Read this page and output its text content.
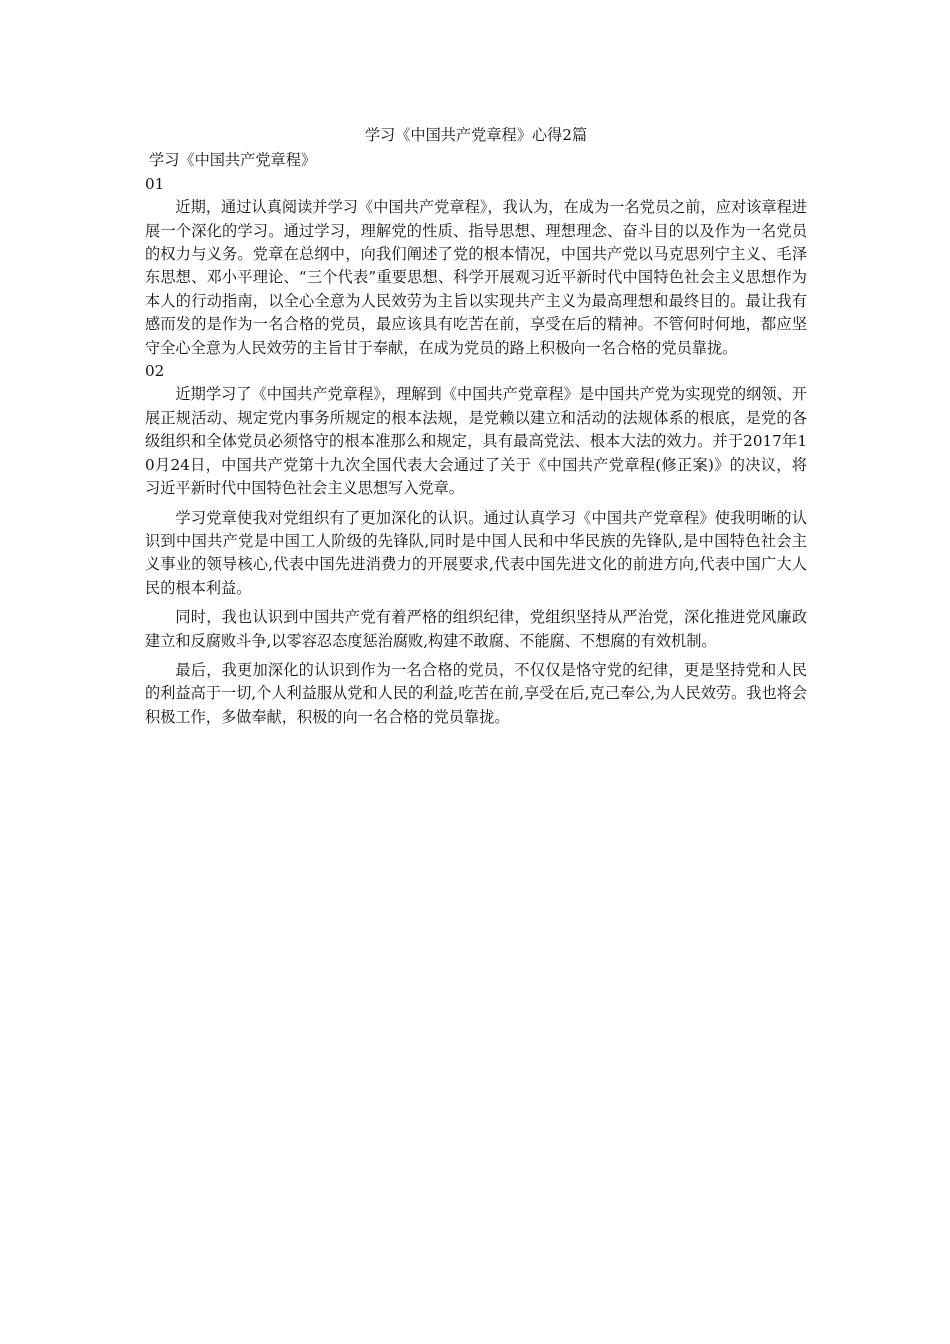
学习《中国共产党章程》心得2篇

学习《中国共产党章程》

01

近期，通过认真阅读并学习《中国共产党章程》，我认为，在成为一名党员之前，应对该章程进展一个深化的学习。通过学习，理解党的性质、指导思想、理想理念、奋斗目的以及作为一名党员的权力与义务。党章在总纲中，向我们阐述了党的根本情况，中国共产党以马克思列宁主义、毛泽东思想、邓小平理论、“三个代表”重要思想、科学开展观习近平新时代中国特色社会主义思想作为本人的行动指南，以全心全意为人民效劳为主旨以实现共产主义为最高理想和最终目的。最让我有感而发的是作为一名合格的党员，最应该具有吃苦在前，享受在后的精神。不管何时何地，都应坚守全心全意为人民效劳的主旨甘于奉献，在成为党员的路上积极向一名合格的党员靠拢。

02

近期学习了《中国共产党章程》，理解到《中国共产党章程》是中国共产党为实现党的纲领、开展正规活动、规定党内事务所规定的根本法规，是党赖以建立和活动的法规体系的根底，是党的各级组织和全体党员必须恪守的根本准那么和规定，具有最高党法、根本大法的效力。并于2017年10月24日，中国共产党第十九次全国代表大会通过了关于《中国共产党章程(修正案)》的决议，将习近平新时代中国特色社会主义思想写入党章。

学习党章使我对党组织有了更加深化的认识。通过认真学习《中国共产党章程》使我明晰的认识到中国共产党是中国工人阶级的先锋队,同时是中国人民和中华民族的先锋队,是中国特色社会主义事业的领导核心,代表中国先进消费力的开展要求,代表中国先进文化的前进方向,代表中国广大人民的根本利益。

同时，我也认识到中国共产党有着严格的组织纪律，党组织坚持从严治党，深化推进党风廉政建立和反腐败斗争,以零容忍态度惩治腐败,构建不敢腐、不能腐、不想腐的有效机制。

最后，我更加深化的认识到作为一名合格的党员，不仅仅是恪守党的纪律，更是坚持党和人民的利益高于一切,个人利益服从党和人民的利益,吃苦在前,享受在后,克己奉公,为人民效劳。我也将会积极工作，多做奉献，积极的向一名合格的党员靠拢。
